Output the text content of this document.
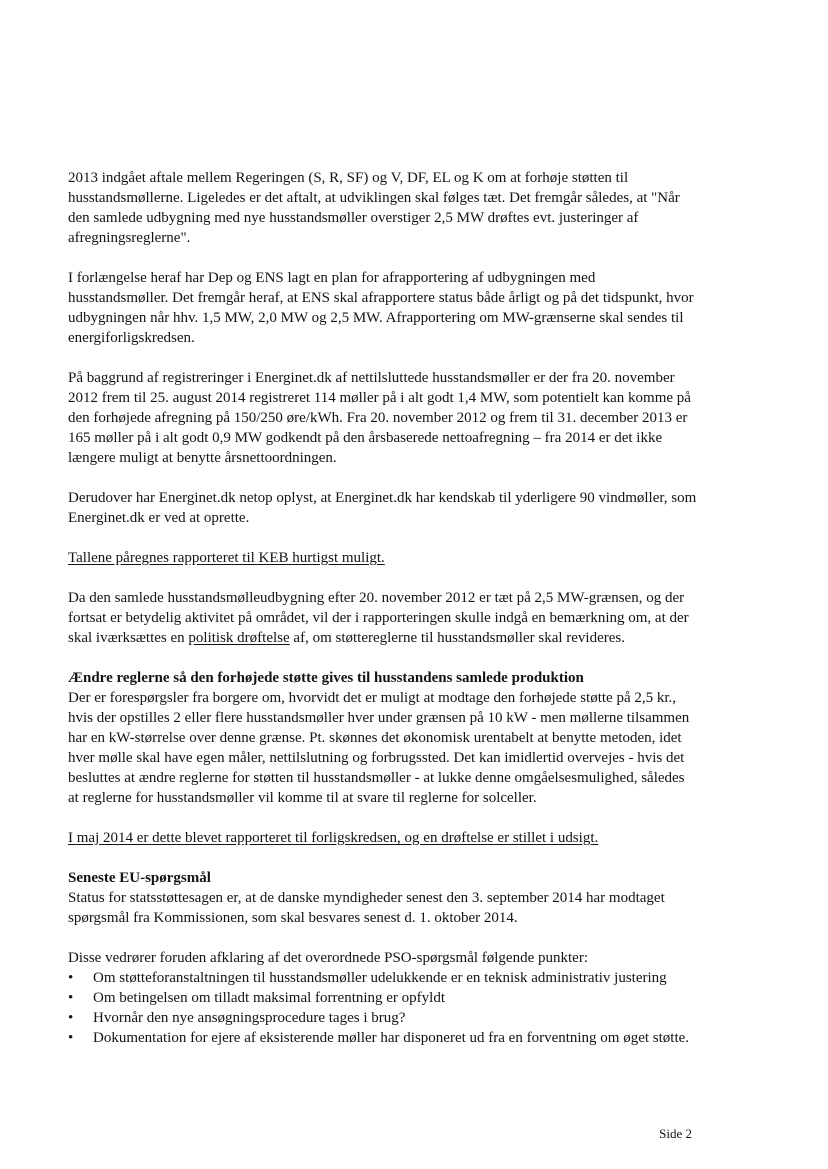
2013 indgået aftale mellem Regeringen (S, R, SF) og V, DF, EL og K om at forhøje støtten til husstandsmøllerne. Ligeledes er det aftalt, at udviklingen skal følges tæt. Det fremgår således, at "Når den samlede udbygning med nye husstandsmøller overstiger 2,5 MW drøftes evt. justeringer af afregningsreglerne".

I forlængelse heraf har Dep og ENS lagt en plan for afrapportering af udbygningen med husstandsmøller. Det fremgår heraf, at ENS skal afrapportere status både årligt og på det tidspunkt, hvor udbygningen når hhv. 1,5 MW, 2,0 MW og 2,5 MW. Afrapportering om MW-grænserne skal sendes til energiforligskredsen.

På baggrund af registreringer i Energinet.dk af nettilsluttede husstandsmøller er der fra 20. november 2012 frem til 25. august 2014 registreret 114 møller på i alt godt 1,4 MW, som potentielt kan komme på den forhøjede afregning på 150/250 øre/kWh. Fra 20. november 2012 og frem til 31. december 2013 er 165 møller på i alt godt 0,9 MW godkendt på den årsbaserede nettoafregning – fra 2014 er det ikke længere muligt at benytte årsnettoordningen.

Derudover har Energinet.dk netop oplyst, at Energinet.dk har kendskab til yderligere 90 vindmøller, som Energinet.dk er ved at oprette.

Tallene påregnes rapporteret til KEB hurtigst muligt.

Da den samlede husstandsmølleudbygning efter 20. november 2012 er tæt på 2,5 MW-grænsen, og der fortsat er betydelig aktivitet på området, vil der i rapporteringen skulle indgå en bemærkning om, at der skal iværksættes en politisk drøftelse af, om støttereglerne til husstandsmøller skal revideres.

Ændre reglerne så den forhøjede støtte gives til husstandens samlede produktion

Der er forespørgsler fra borgere om, hvorvidt det er muligt at modtage den forhøjede støtte på 2,5 kr., hvis der opstilles 2 eller flere husstandsmøller hver under grænsen på 10 kW - men møllerne tilsammen har en kW-størrelse over denne grænse. Pt. skønnes det økonomisk urentabelt at benytte metoden, idet hver mølle skal have egen måler, nettilslutning og forbrugssted. Det kan imidlertid overvejes - hvis det besluttes at ændre reglerne for støtten til husstandsmøller - at lukke denne omgåelsesmulighed, således at reglerne for husstandsmøller vil komme til at svare til reglerne for solceller.

I maj 2014 er dette blevet rapporteret til forligskredsen, og en drøftelse er stillet i udsigt.

Seneste EU-spørgsmål

Status for statsstøttesagen er, at de danske myndigheder senest den 3. september 2014 har modtaget spørgsmål fra Kommissionen, som skal besvares senest d. 1. oktober 2014.

Disse vedrører foruden afklaring af det overordnede PSO-spørgsmål følgende punkter:

• Om støtteforanstaltningen til husstandsmøller udelukkende er en teknisk administrativ justering
• Om betingelsen om tilladt maksimal forrentning er opfyldt
• Hvornår den nye ansøgningsprocedure tages i brug?
• Dokumentation for ejere af eksisterende møller har disponeret ud fra en forventning om øget støtte.
Side 2
